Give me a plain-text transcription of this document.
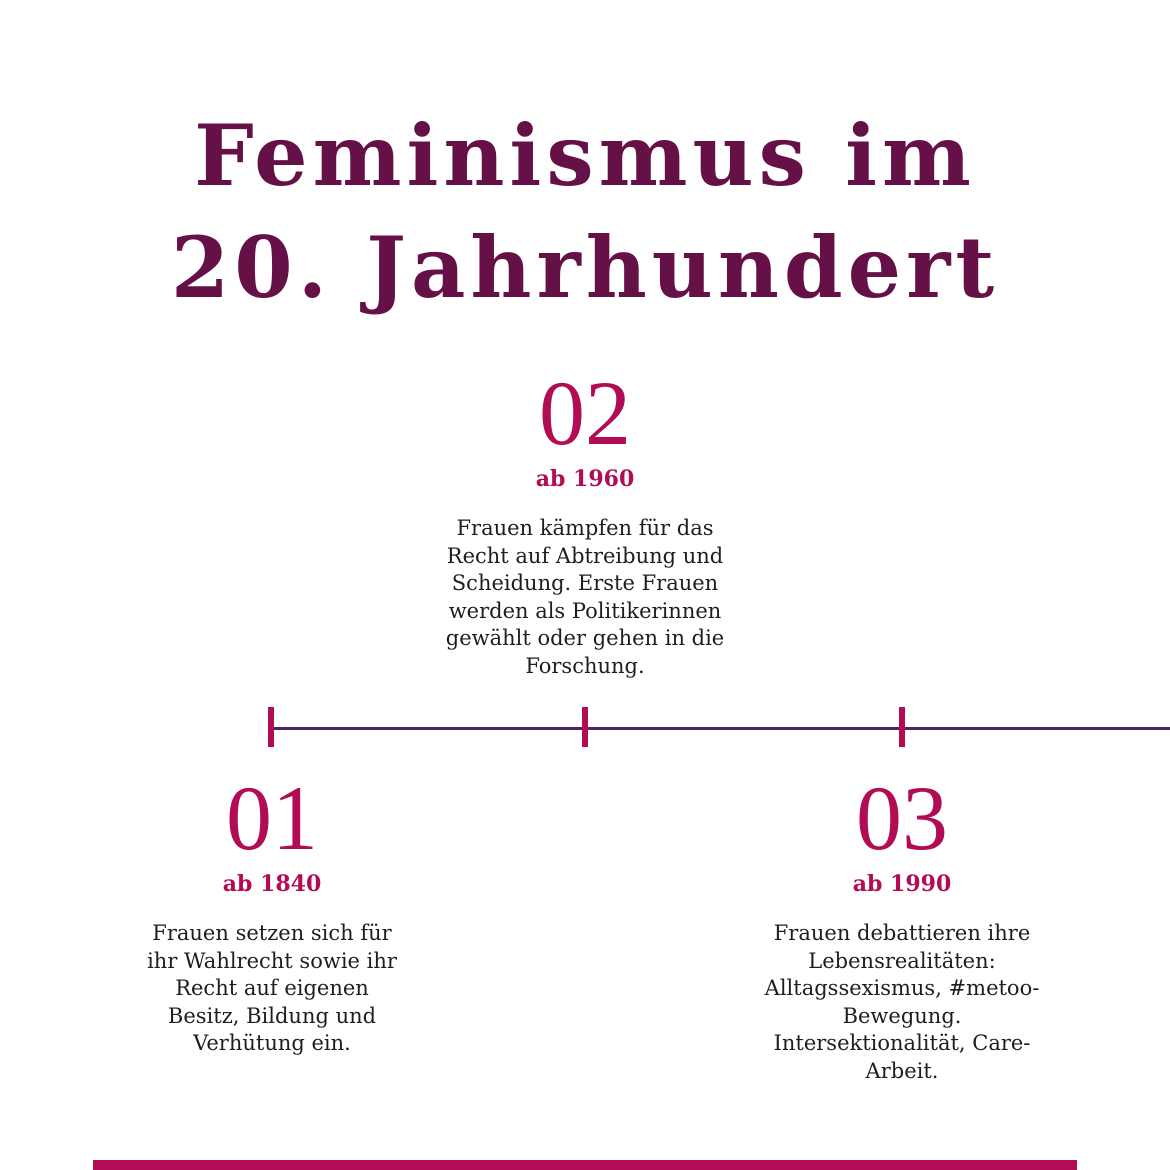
Feminismus im
20. Jahrhundert
02
ab 1960
Frauen kämpfen für das Recht auf Abtreibung und Scheidung. Erste Frauen werden als Politikerinnen gewählt oder gehen in die Forschung.
01
ab 1840
Frauen setzen sich für ihr Wahlrecht sowie ihr Recht auf eigenen Besitz, Bildung und Verhütung ein.
03
ab 1990
Frauen debattieren ihre Lebensrealitäten: Alltagssexismus, #metoo-Bewegung. Intersektionalität, Care-Arbeit.
